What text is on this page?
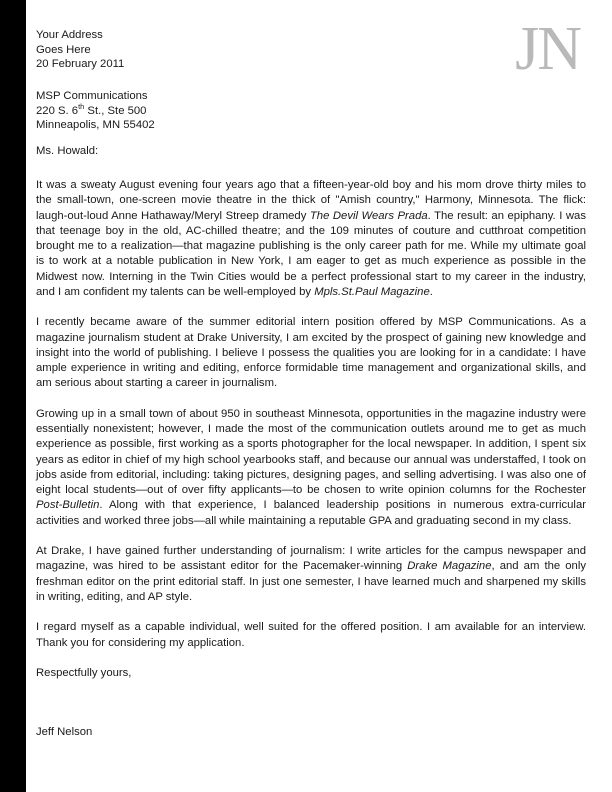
JN
Your Address
Goes Here
20 February 2011
MSP Communications
220 S. 6th St., Ste 500
Minneapolis, MN 55402
Ms. Howald:

It was a sweaty August evening four years ago that a fifteen-year-old boy and his mom drove thirty miles to the small-town, one-screen movie theatre in the thick of "Amish country," Harmony, Minnesota. The flick: laugh-out-loud Anne Hathaway/Meryl Streep dramedy The Devil Wears Prada. The result: an epiphany. I was that teenage boy in the old, AC-chilled theatre; and the 109 minutes of couture and cutthroat competition brought me to a realization—that magazine publishing is the only career path for me. While my ultimate goal is to work at a notable publication in New York, I am eager to get as much experience as possible in the Midwest now. Interning in the Twin Cities would be a perfect professional start to my career in the industry, and I am confident my talents can be well-employed by Mpls.St.Paul Magazine.

I recently became aware of the summer editorial intern position offered by MSP Communications. As a magazine journalism student at Drake University, I am excited by the prospect of gaining new knowledge and insight into the world of publishing. I believe I possess the qualities you are looking for in a candidate: I have ample experience in writing and editing, enforce formidable time management and organizational skills, and am serious about starting a career in journalism.

Growing up in a small town of about 950 in southeast Minnesota, opportunities in the magazine industry were essentially nonexistent; however, I made the most of the communication outlets around me to get as much experience as possible, first working as a sports photographer for the local newspaper. In addition, I spent six years as editor in chief of my high school yearbooks staff, and because our annual was understaffed, I took on jobs aside from editorial, including: taking pictures, designing pages, and selling advertising. I was also one of eight local students—out of over fifty applicants—to be chosen to write opinion columns for the Rochester Post-Bulletin. Along with that experience, I balanced leadership positions in numerous extra-curricular activities and worked three jobs—all while maintaining a reputable GPA and graduating second in my class.

At Drake, I have gained further understanding of journalism: I write articles for the campus newspaper and magazine, was hired to be assistant editor for the Pacemaker-winning Drake Magazine, and am the only freshman editor on the print editorial staff. In just one semester, I have learned much and sharpened my skills in writing, editing, and AP style.

I regard myself as a capable individual, well suited for the offered position. I am available for an interview. Thank you for considering my application.

Respectfully yours,

Jeff Nelson
